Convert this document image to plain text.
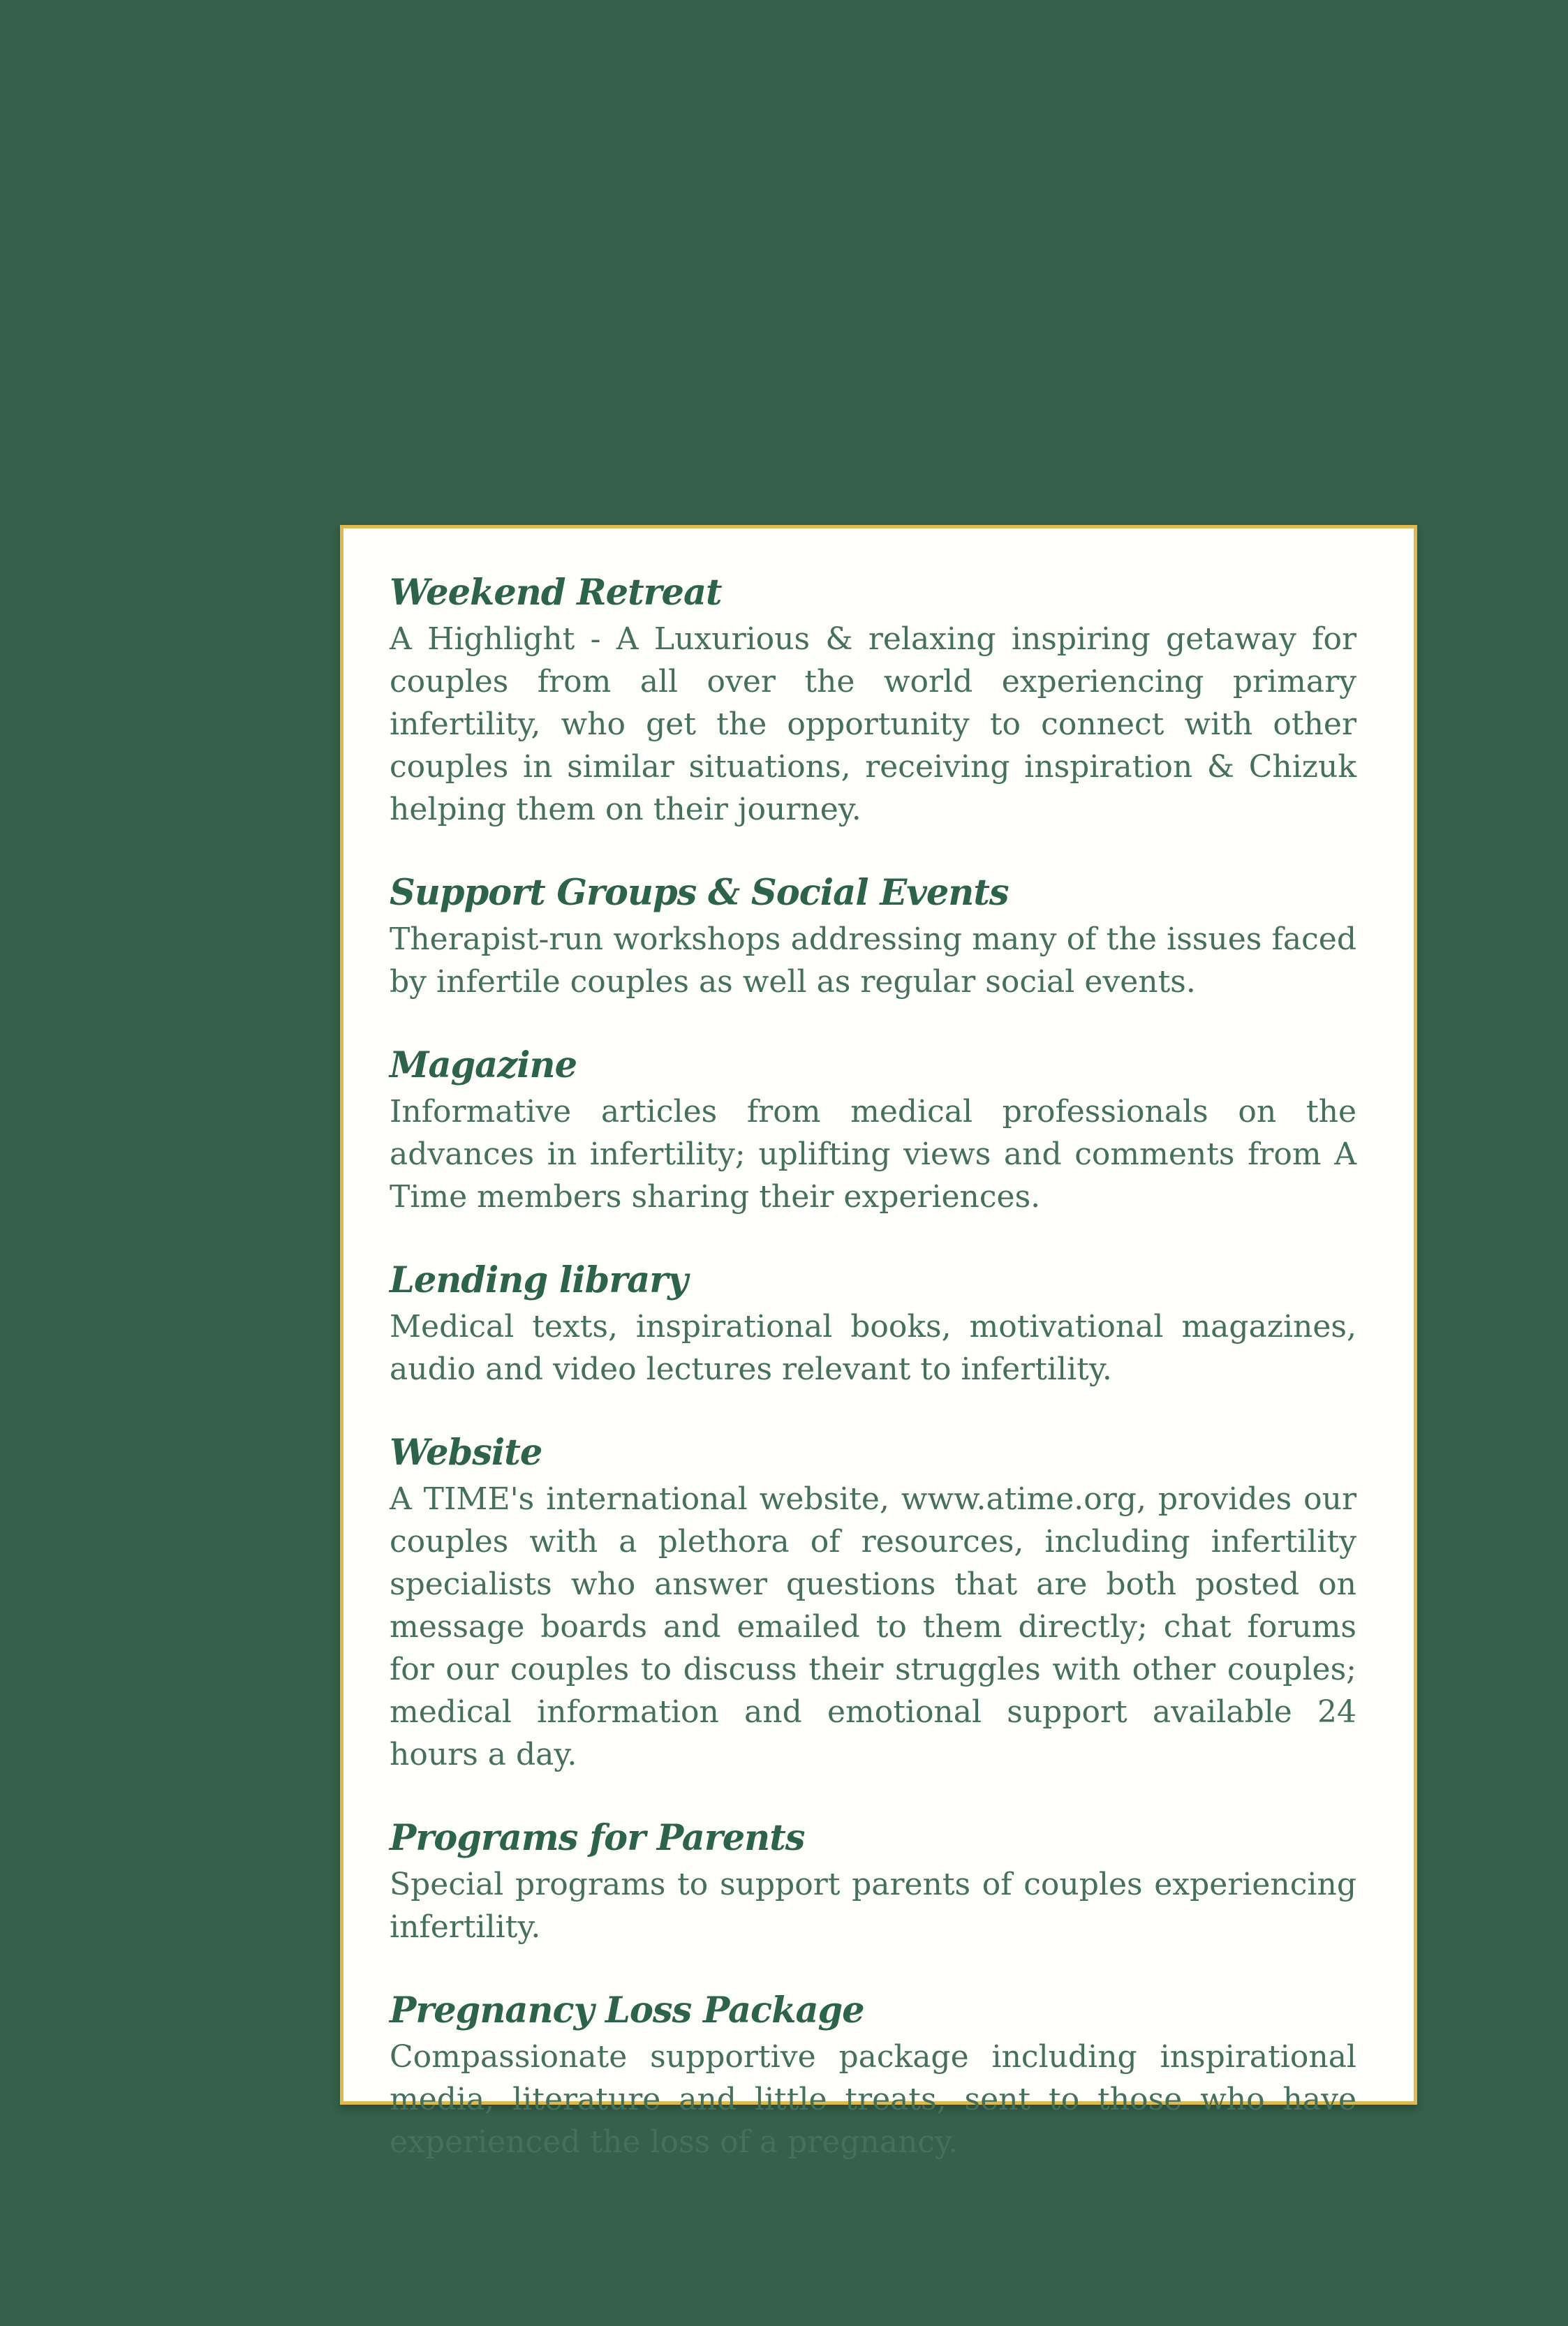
Weekend Retreat

A Highlight - A Luxurious & relaxing inspiring getaway for couples from all over the world experiencing primary infertility, who get the opportunity to connect with other couples in similar situations, receiving inspiration & Chizuk helping them on their journey.

Support Groups & Social Events

Therapist-run workshops addressing many of the issues faced by infertile couples as well as regular social events.

Magazine

Informative articles from medical professionals on the advances in infertility; uplifting views and comments from A Time members sharing their experiences.

Lending library

Medical texts, inspirational books, motivational magazines, audio and video lectures relevant to infertility.

Website

A TIME's international website, www.atime.org, provides our couples with a plethora of resources, including infertility specialists who answer questions that are both posted on message boards and emailed to them directly; chat forums for our couples to discuss their struggles with other couples; medical information and emotional support available 24 hours a day.

Programs for Parents

Special programs to support parents of couples experiencing infertility.

Pregnancy Loss Package

Compassionate supportive package including inspirational media, literature and little treats, sent to those who have experienced the loss of a pregnancy.
